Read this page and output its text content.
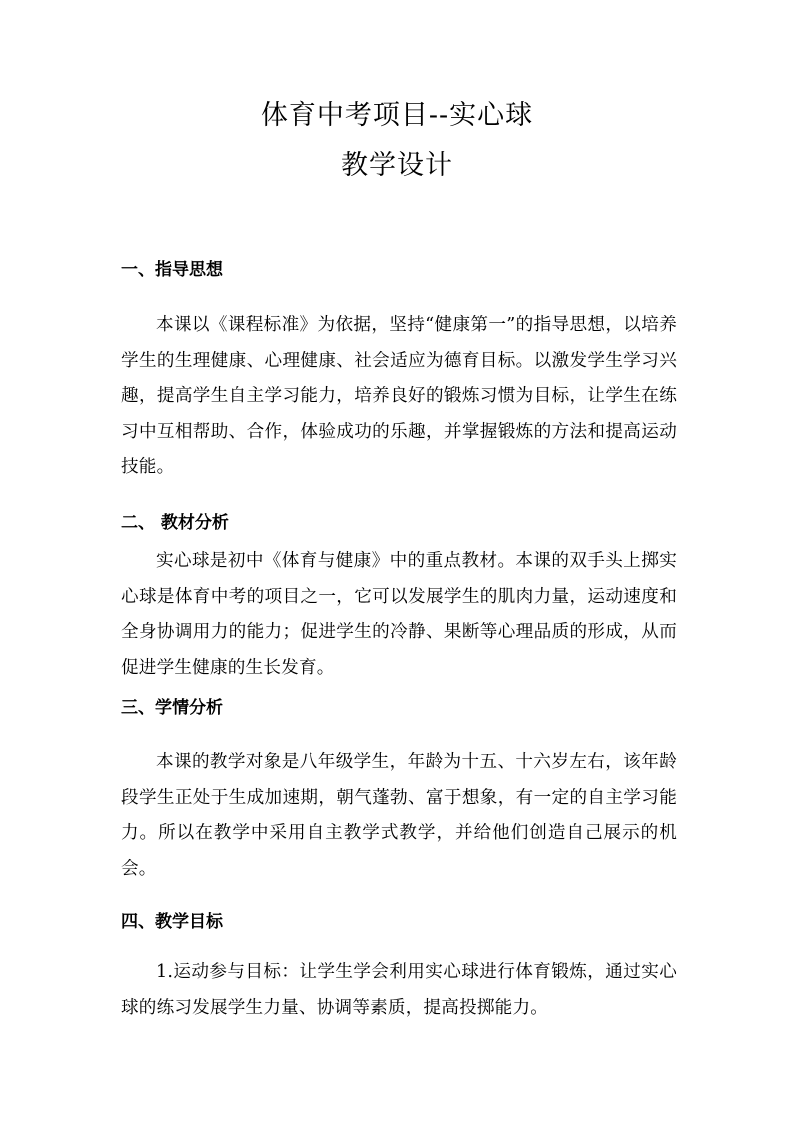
体育中考项目--实心球
教学设计
一、指导思想

本课以《课程标准》为依据，坚持“健康第一”的指导思想，以培养学生的生理健康、心理健康、社会适应为德育目标。以激发学生学习兴趣，提高学生自主学习能力，培养良好的锻炼习惯为目标，让学生在练习中互相帮助、合作，体验成功的乐趣，并掌握锻炼的方法和提高运动技能。

二、 教材分析

实心球是初中《体育与健康》中的重点教材。本课的双手头上掷实心球是体育中考的项目之一，它可以发展学生的肌肉力量，运动速度和全身协调用力的能力；促进学生的冷静、果断等心理品质的形成，从而促进学生健康的生长发育。

三、学情分析

本课的教学对象是八年级学生，年龄为十五、十六岁左右，该年龄段学生正处于生成加速期，朝气蓬勃、富于想象，有一定的自主学习能力。所以在教学中采用自主教学式教学，并给他们创造自己展示的机会。

四、教学目标

1.运动参与目标：让学生学会利用实心球进行体育锻炼，通过实心球的练习发展学生力量、协调等素质，提高投掷能力。
